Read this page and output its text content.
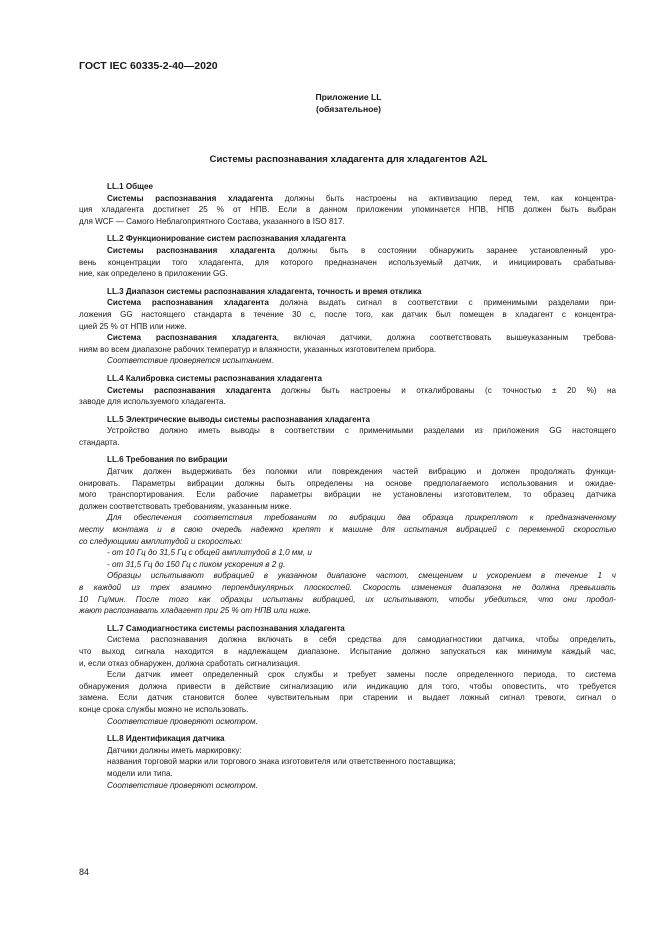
ГОСТ IEC 60335-2-40—2020
Приложение LL
(обязательное)
Системы распознавания хладагента для хладагентов A2L
LL.1 Общее
Системы распознавания хладагента должны быть настроены на активизацию перед тем, как концентра-
ция хладагента достигнет 25 % от НПВ. Если в данном приложении упоминается НПВ, НПВ должен быть выбран
для WCF — Самого Неблагоприятного Состава, указанного в ISO 817.
LL.2 Функционирование систем распознавания хладагента
Системы распознавания хладагента должны быть в состоянии обнаружить заранее установленный уро-
вень концентрации того хладагента, для которого предназначен используемый датчик, и инициировать срабатыва-
ние, как определено в приложении GG.
LL.3 Диапазон системы распознавания хладагента, точность и время отклика
Система распознавания хладагента должна выдать сигнал в соответствии с применимыми разделами при-
ложения GG настоящего стандарта в течение 30 с, после того, как датчик был помещен в хладагент с концентра-
цией 25 % от НПВ или ниже.
Система распознавания хладагента, включая датчики, должна соответствовать вышеуказанным требова-
ниям во всем диапазоне рабочих температур и влажности, указанных изготовителем прибора.
Соответствие проверяется испытанием.
LL.4 Калибровка системы распознавания хладагента
Системы распознавания хладагента должны быть настроены и откалиброваны (с точностью ± 20 %) на
заводе для используемого хладагента.
LL.5 Электрические выводы системы распознавания хладагента
Устройство должно иметь выводы в соответствии с применимыми разделами из приложения GG настоящего
стандарта.
LL.6 Требования по вибрации
Датчик должен выдерживать без поломки или повреждения частей вибрацию и должен продолжать функци-
онировать. Параметры вибрации должны быть определены на основе предполагаемого использования и ожидае-
мого транспортирования. Если рабочие параметры вибрации не установлены изготовителем, то образец датчика
должен соответствовать требованиям, указанным ниже.
Для обеспечения соответствия требованиям по вибрации два образца прикрепляют к предназначенному
месту монтажа и в свою очередь надежно крепят к машине для испытания вибрацией с переменной скоростью
со следующими амплитудой и скоростью:
- от 10 Гц до 31,5 Гц с общей амплитудой в 1,0 мм, и
- от 31,5 Гц до 150 Гц с пиком ускорения в 2 g.
Образцы испытывают вибрацией в указанном диапазоне частот, смещением и ускорением в течение 1 ч
в каждой из трех взаимно перпендикулярных плоскостей. Скорость изменения диапазона не должна превышать
10 Гц/мин. После того как образцы испытаны вибрацией, их испытывают, чтобы убедиться, что они продол-
жают распознавать хладагент при 25 % от НПВ или ниже.
LL.7 Самодиагностика системы распознавания хладагента
Система распознавания должна включать в себя средства для самодиагностики датчика, чтобы определить,
что выход сигнала находится в надлежащем диапазоне. Испытание должно запускаться как минимум каждый час,
и, если отказ обнаружен, должна сработать сигнализация.
Если датчик имеет определенный срок службы и требует замены после определенного периода, то система
обнаружения должна привести в действие сигнализацию или индикацию для того, чтобы оповестить, что требуется
замена. Если датчик становится более чувствительным при старении и выдает ложный сигнал тревоги, сигнал о
конце срока службы можно не использовать.
Соответствие проверяют осмотром.
LL.8 Идентификация датчика
Датчики должны иметь маркировку:
названия торговой марки или торгового знака изготовителя или ответственного поставщика;
модели или типа.
Соответствие проверяют осмотром.
84
